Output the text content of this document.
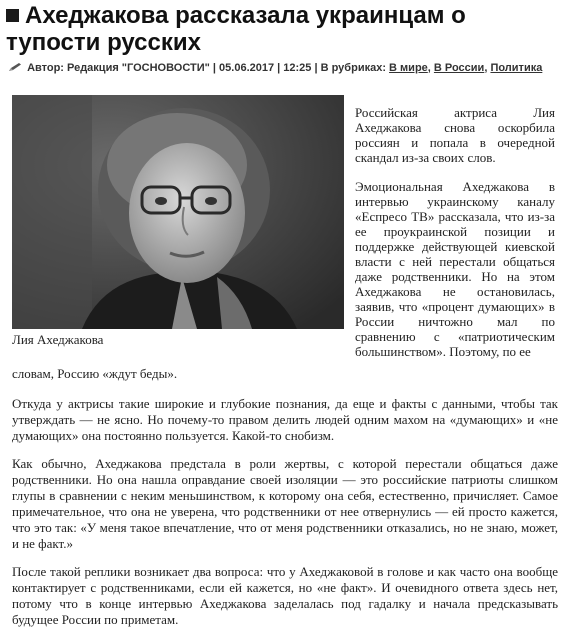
Ахеджакова рассказала украинцам о тупости русских
Автор: Редакция "ГОСНОВОСТИ" | 05.06.2017 | 12:25 | В рубриках: В мире, В России, Политика
Лия Ахеджакова

Российская актриса Лия Ахеджакова снова оскорбила россиян и попала в очередной скандал из-за своих слов.

Эмоциональная Ахеджакова в интервью украинскому каналу «Еспресо ТВ» рассказала, что из-за ее проукраинской позиции и поддержке действующей киевской власти с ней перестали общаться даже родственники. Но на этом Ахеджакова не остановилась, заявив, что «процент думающих» в России ничтожно мал по сравнению с «патриотическим большинством». Поэтому, по ее

словам, Россию «ждут беды».

Откуда у актрисы такие широкие и глубокие познания, да еще и факты с данными, чтобы так утверждать — не ясно. Но почему-то правом делить людей одним махом на «думающих» и «не думающих» она постоянно пользуется. Какой-то снобизм.

Как обычно, Ахеджакова предстала в роли жертвы, с которой перестали общаться даже родственники. Но она нашла оправдание своей изоляции — это российские патриоты слишком глупы в сравнении с неким меньшинством, к которому она себя, естественно, причисляет. Самое примечательное, что она не уверена, что родственники от нее отвернулись — ей просто кажется, что это так: «У меня такое впечатление, что от меня родственники отказались, но не знаю, может, и не факт.»

После такой реплики возникает два вопроса: что у Ахеджаковой в голове и как часто она вообще контактирует с родственниками, если ей кажется, но «не факт». И очевидного ответа здесь нет, потому что в конце интервью Ахеджакова заделалась под гадалку и начала предсказывать будущее России по приметам.
